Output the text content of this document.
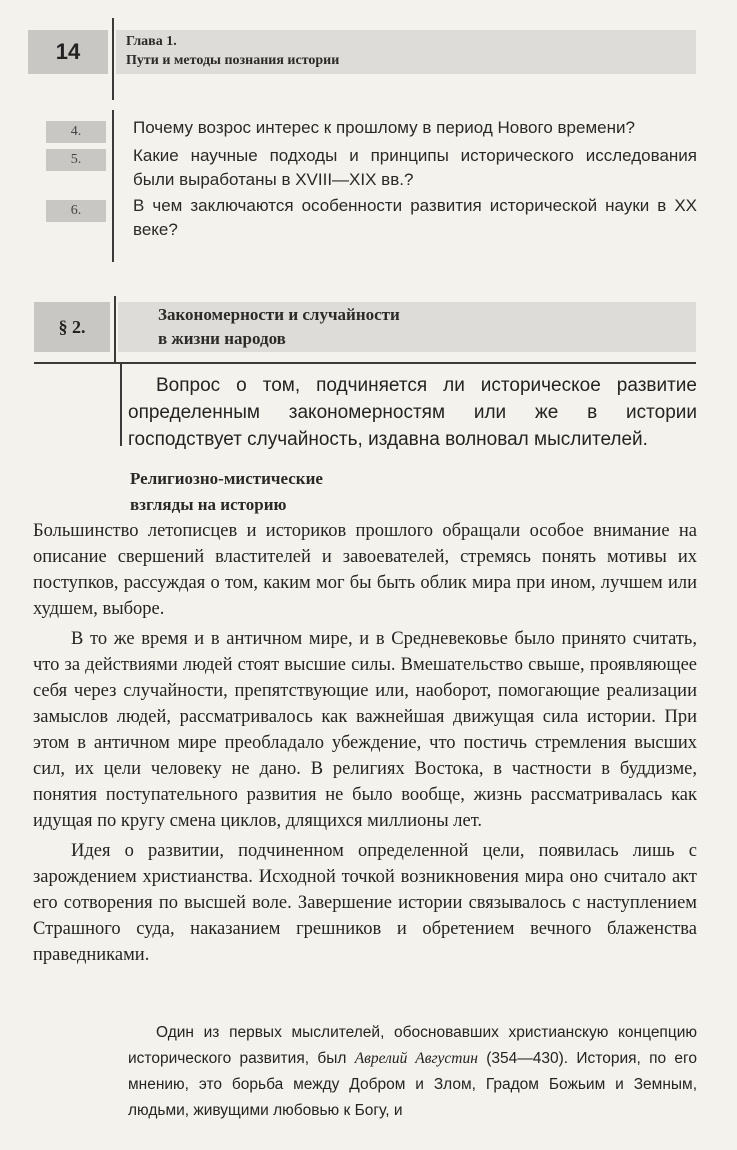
14	Глава 1.
Пути и методы познания истории
4.	Почему возрос интерес к прошлому в период Нового времени?
5.	Какие научные подходы и принципы исторического исследования были выработаны в XVIII—XIX вв.?
6.	В чем заключаются особенности развития исторической науки в XX веке?
§ 2.
Закономерности и случайности
в жизни народов
Вопрос о том, подчиняется ли историческое развитие определенным закономерностям или же в истории господствует случайность, издавна волновал мыслителей.
Религиозно-мистические
взгляды на историю

Большинство летописцев и историков прошлого обращали особое внимание на описание свершений властителей и завоевателей, стремясь понять мотивы их поступков, рассуждая о том, каким мог бы быть облик мира при ином, лучшем или худшем, выборе.

В то же время и в античном мире, и в Средневековье было принято считать, что за действиями людей стоят высшие силы. Вмешательство свыше, проявляющее себя через случайности, препятствующие или, наоборот, помогающие реализации замыслов людей, рассматривалось как важнейшая движущая сила истории. При этом в античном мире преобладало убеждение, что постичь стремления высших сил, их цели человеку не дано. В религиях Востока, в частности в буддизме, понятия поступательного развития не было вообще, жизнь рассматривалась как идущая по кругу смена циклов, длящихся миллионы лет.

Идея о развитии, подчиненном определенной цели, появилась лишь с зарождением христианства. Исходной точкой возникновения мира оно считало акт его сотворения по высшей воле. Завершение истории связывалось с наступлением Страшного суда, наказанием грешников и обретением вечного блаженства праведниками.

Один из первых мыслителей, обосновавших христианскую концепцию исторического развития, был Аврелий Августин (354—430). История, по его мнению, это борьба между Добром и Злом, Градом Божьим и Земным, людьми, живущими любовью к Богу, и
